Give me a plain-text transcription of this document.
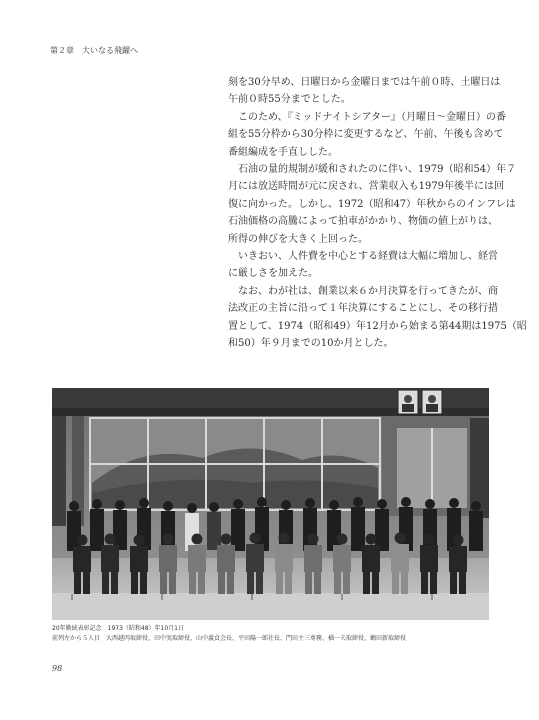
第２章　大いなる飛躍へ

刻を30分早め、日曜日から金曜日までは午前０時、土曜日は

午前０時55分までとした。

　このため、『ミッドナイトシアター』（月曜日～金曜日）の番

組を55分枠から30分枠に変更するなど、午前、午後も含めて

番組編成を手直しした。

　石油の量的規制が緩和されたのに伴い、1979（昭和54）年７

月には放送時間が元に戻され、営業収入も1979年後半には回

復に向かった。しかし、1972（昭和47）年秋からのインフレは

石油価格の高騰によって拍車がかかり、物価の値上がりは、

所得の伸びを大きく上回った。

　いきおい、人件費を中心とする経費は大幅に増加し、経営

に厳しさを加えた。

　なお、わが社は、創業以来６か月決算を行ってきたが、商

法改正の主旨に沿って１年決算にすることにし、その移行措

置として、1974（昭和49）年12月から始まる第44期は1975（昭

和50）年９月までの10か月とした。

20年勤続表彰記念　1973（昭和48）年10月1日
前列左から５人目　大西越丙取締役、田中実取締役、山中義貞会長、平田陽一郎社長、門田主三専務、楢一夫取締役、蝋田新取締役
98
